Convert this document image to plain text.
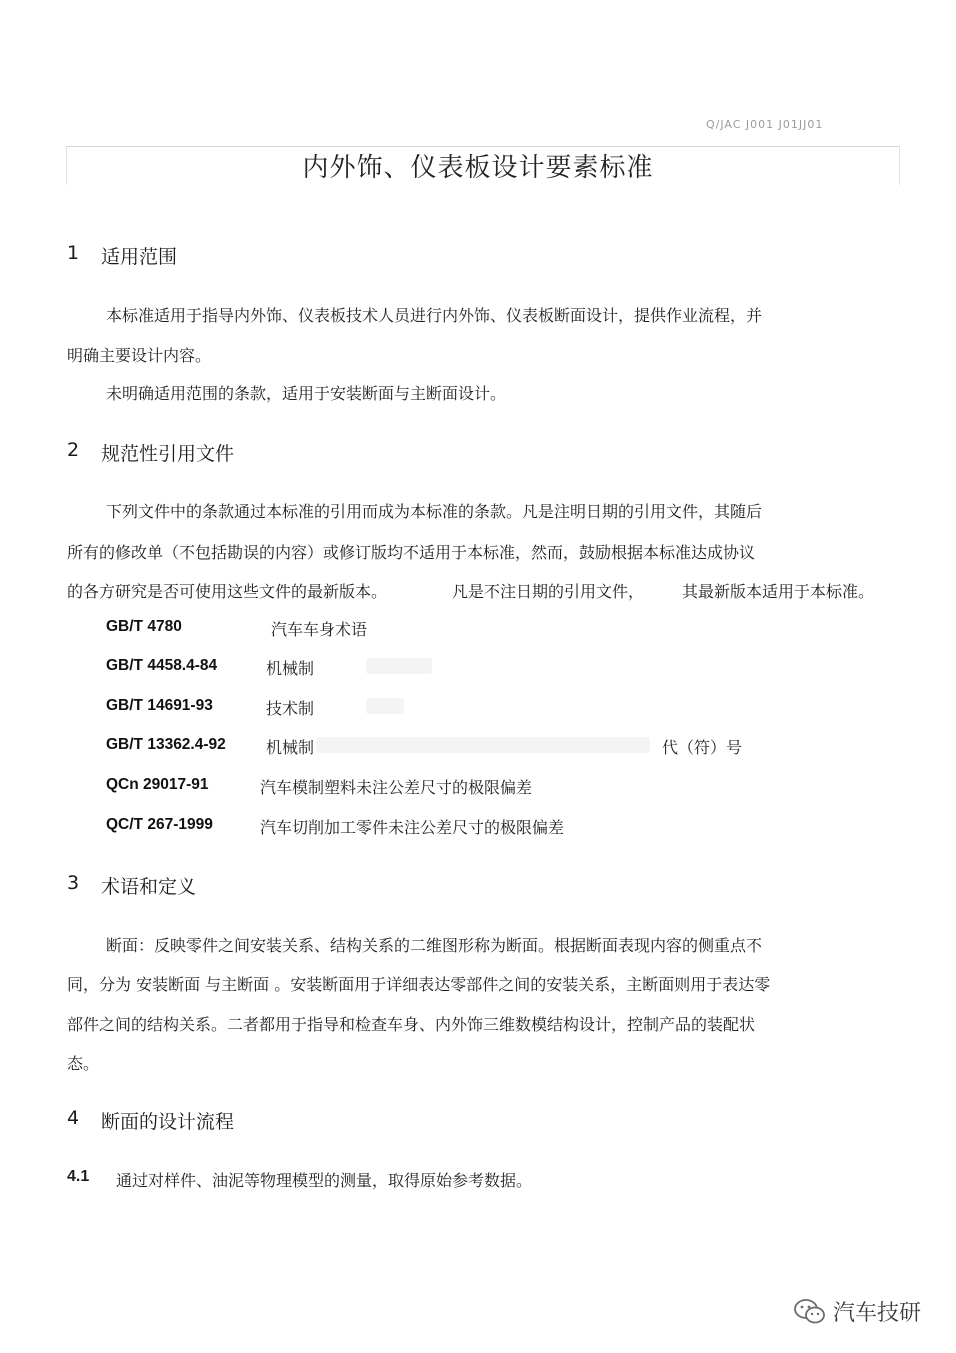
Q/JAC J001 J01JJ01
内外饰、仪表板设计要素标准
1 适用范围
本标准适用于指导内外饰、仪表板技术人员进行内外饰、仪表板断面设计，提供作业流程，并
明确主要设计内容。
未明确适用范围的条款，适用于安装断面与主断面设计。
2 规范性引用文件
下列文件中的条款通过本标准的引用而成为本标准的条款。凡是注明日期的引用文件，其随后
所有的修改单（不包括勘误的内容）或修订版均不适用于本标准，然而，鼓励根据本标准达成协议
的各方研究是否可使用这些文件的最新版本。	凡是不注日期的引用文件， 其最新版本适用于本标准。
GB/T 4780	汽车车身术语
GB/T 4458.4-84	机械制
GB/T 14691-93	技术制
GB/T 13362.4-92	机械制	代（符）号
QCn 29017-91	汽车模制塑料未注公差尺寸的极限偏差
QC/T 267-1999	汽车切削加工零件未注公差尺寸的极限偏差
3 术语和定义
断面：反映零件之间安装关系、结构关系的二维图形称为断面。根据断面表现内容的侧重点不
同，分为 安装断面 与主断面 。安装断面用于详细表达零部件之间的安装关系，主断面则用于表达零
部件之间的结构关系。二者都用于指导和检查车身、内外饰三维数模结构设计，控制产品的装配状
态。
4 断面的设计流程
4.1 通过对样件、油泥等物理模型的测量，取得原始参考数据。
汽车技研
